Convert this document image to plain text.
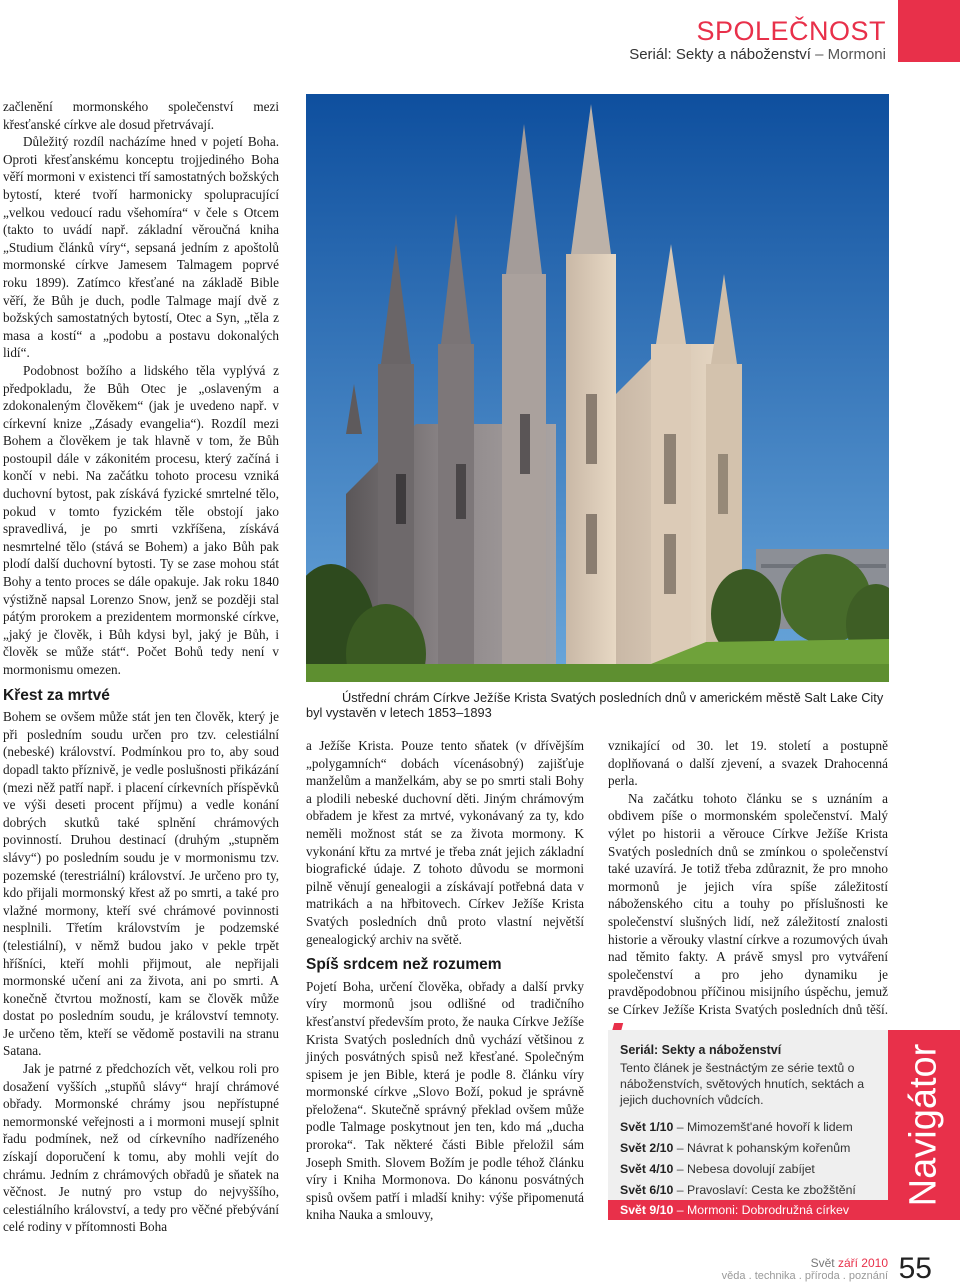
SPOLEČNOST
Seriál: Sekty a náboženství – Mormoni

začlenění mormonského společenství mezi křesťanské církve ale dosud přetrvávají.

Důležitý rozdíl nacházíme hned v pojetí Boha. Oproti křesťanskému konceptu trojjediného Boha věří mormoni v existenci tří samostatných božských bytostí, které tvoří harmonicky spolupracující „velkou vedoucí radu všehomíra“ v čele s Otcem (takto to uvádí např. základní věroučná kniha „Studium článků víry“, sepsaná jedním z apoštolů mormonské církve Jamesem Talmagem poprvé roku 1899). Zatímco křesťané na základě Bible věří, že Bůh je duch, podle Talmage mají dvě z božských samostatných bytostí, Otec a Syn, „těla z masa a kostí“ a „podobu a postavu dokonalých lidí“.

Podobnost božího a lidského těla vyplývá z předpokladu, že Bůh Otec je „oslaveným a zdokonaleným člověkem“ (jak je uvedeno např. v církevní knize „Zásady evangelia“). Rozdíl mezi Bohem a člověkem je tak hlavně v tom, že Bůh postoupil dále v zákonitém procesu, který začíná i končí v nebi. Na začátku tohoto procesu vzniká duchovní bytost, pak získává fyzické smrtelné tělo, pokud v tomto fyzickém těle obstojí jako spravedlivá, je po smrti vzkříšena, získává nesmrtelné tělo (stává se Bohem) a jako Bůh pak plodí další duchovní bytosti. Ty se zase mohou stát Bohy a tento proces se dále opakuje. Jak roku 1840 výstižně napsal Lorenzo Snow, jenž se později stal pátým prorokem a prezidentem mormonské církve, „jaký je člověk, i Bůh kdysi byl, jaký je Bůh, i člověk se může stát“. Počet Bohů tedy není v mormonismu omezen.

Křest za mrtvé

Bohem se ovšem může stát jen ten člověk, který je při posledním soudu určen pro tzv. celestiální (nebeské) království. Podmínkou pro to, aby soud dopadl takto příznivě, je vedle poslušnosti přikázání (mezi něž patří např. i placení církevních příspěvků ve výši deseti procent příjmu) a vedle konání dobrých skutků také splnění chrámových povinností. Druhou destinací (druhým „stupněm slávy“) po posledním soudu je v mormonismu tzv. pozemské (terestriální) království. Je určeno pro ty, kdo přijali mormonský křest až po smrti, a také pro vlažné mormony, kteří své chrámové povinnosti nesplnili. Třetím královstvím je podzemské (telestiální), v němž budou jako v pekle trpět hříšníci, kteří mohli přijmout, ale nepřijali mormonské učení ani za života, ani po smrti. A konečně čtvrtou možností, kam se člověk může dostat po posledním soudu, je království temnoty. Je určeno těm, kteří se vědomě postavili na stranu Satana.

Jak je patrné z předchozích vět, velkou roli pro dosažení vyšších „stupňů slávy“ hrají chrámové obřady. Mormonské chrámy jsou nepřístupné nemormonské veřejnosti a i mormoni musejí splnit řadu podmínek, než od církevního nadřízeného získají doporučení k tomu, aby mohli vejít do chrámu. Jedním z chrámových obřadů je sňatek na věčnost. Je nutný pro vstup do nejvyššího, celestiálního království, a tedy pro věčné přebývání celé rodiny v přítomnosti Boha

Ústřední chrám Církve Ježíše Krista Svatých posledních dnů v americkém městě Salt Lake City
byl vystavěn v letech 1853–1893

a Ježíše Krista. Pouze tento sňatek (v dřívějším „polygamních“ dobách vícenásobný) zajišťuje manželům a manželkám, aby se po smrti stali Bohy a plodili nebeské duchovní děti. Jiným chrámovým obřadem je křest za mrtvé, vykonávaný za ty, kdo neměli možnost stát se za života mormony. K vykonání křtu za mrtvé je třeba znát jejich základní biografické údaje. Z tohoto důvodu se mormoni pilně věnují genealogii a získávají potřebná data v matrikách a na hřbitovech. Církev Ježíše Krista Svatých posledních dnů proto vlastní největší genealogický archiv na světě.

Spíš srdcem než rozumem

Pojetí Boha, určení člověka, obřady a další prvky víry mormonů jsou odlišné od tradičního křesťanství především proto, že nauka Církve Ježíše Krista Svatých posledních dnů vychází většinou z jiných posvátných spisů než křesťané. Společným spisem je jen Bible, která je podle 8. článku víry mormonské církve „Slovo Boží, pokud je správně přeložena“. Skutečně správný překlad ovšem může podle Talmage poskytnout jen ten, kdo má „ducha proroka“. Tak některé části Bible přeložil sám Joseph Smith. Slovem Božím je podle téhož článku víry i Kniha Mormonova. Do kánonu posvátných spisů ovšem patří i mladší knihy: výše připomenutá kniha Nauka a smlouvy,

vznikající od 30. let 19. století a postupně doplňovaná o další zjevení, a svazek Drahocenná perla.

Na začátku tohoto článku se s uznáním a obdivem píše o mormonském společenství. Malý výlet po historii a věrouce Církve Ježíše Krista Svatých posledních dnů se zmínkou o společenství také uzavírá. Je totiž třeba zdůraznit, že pro mnoho mormonů je jejich víra spíše záležitostí náboženského citu a touhy po příslušnosti ke společenství slušných lidí, než záležitostí znalosti historie a věrouky vlastní církve a rozumových úvah nad těmito fakty. A právě smysl pro vytváření společenství a pro jeho dynamiku je pravděpodobnou příčinou misijního úspěchu, jemuž se Církev Ježíše Krista Svatých posledních dnů těší.

Seriál: Sekty a náboženství
Tento článek je šestnáctým ze série textů o náboženstvích, světových hnutích, sektách a jejich duchovních vůdcích.
Svět 1/10 – Mimozemšt'ané hovoří k lidem
Svět 2/10 – Návrat k pohanským kořenům
Svět 4/10 – Nebesa dovolují zabíjet
Svět 6/10 – Pravoslaví: Cesta ke zbožštění
Svět 9/10 – Mormoni: Dobrodružná církev
Navigátor
Svět září 2010
věda . technika . příroda . poznání 55
